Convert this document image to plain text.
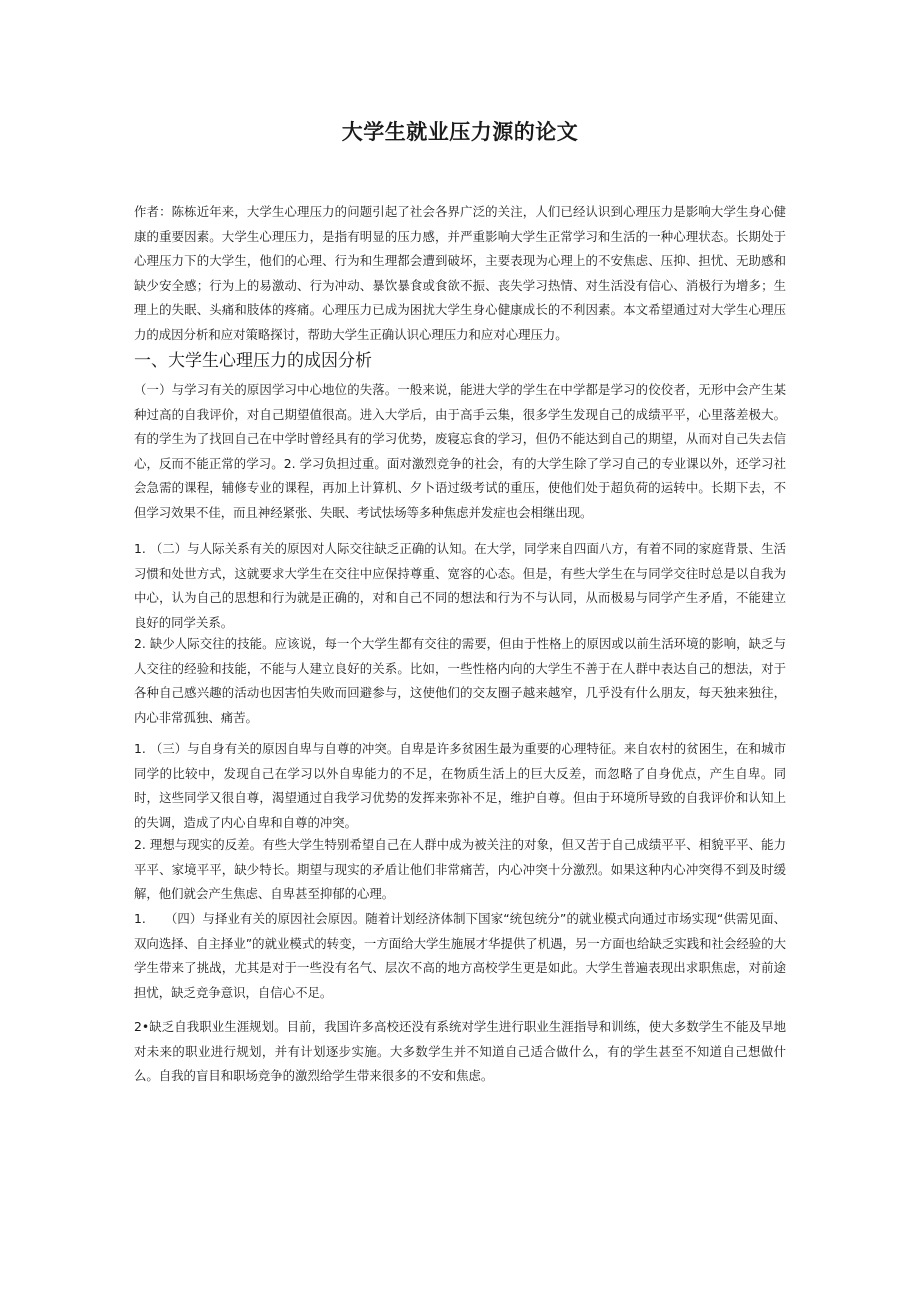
大学生就业压力源的论文
作者：陈栋近年来，大学生心理压力的问题引起了社会各界广泛的关注，人们已经认识到心理压力是影响大学生身心健康的重要因素。大学生心理压力，是指有明显的压力感，并严重影响大学生正常学习和生活的一种心理状态。长期处于心理压力下的大学生，他们的心理、行为和生理都会遭到破坏，主要表现为心理上的不安焦虑、压抑、担忧、无助感和缺少安全感；行为上的易激动、行为冲动、暴饮暴食或食欲不振、丧失学习热情、对生活没有信心、消极行为增多；生理上的失眠、头痛和肢体的疼痛。心理压力已成为困扰大学生身心健康成长的不利因素。本文希望通过对大学生心理压力的成因分析和应对策略探讨，帮助大学生正确认识心理压力和应对心理压力。
一、大学生心理压力的成因分析
（一）与学习有关的原因学习中心地位的失落。一般来说，能进大学的学生在中学都是学习的佼佼者，无形中会产生某种过高的自我评价，对自己期望值很高。进入大学后，由于高手云集，很多学生发现自己的成绩平平，心里落差极大。有的学生为了找回自己在中学时曾经具有的学习优势，废寝忘食的学习，但仍不能达到自己的期望，从而对自己失去信心，反而不能正常的学习。2. 学习负担过重。面对激烈竞争的社会，有的大学生除了学习自己的专业课以外，还学习社会急需的课程，辅修专业的课程，再加上计算机、夕卜语过级考试的重压，使他们处于超负荷的运转中。长期下去，不但学习效果不佳，而且神经紧张、失眠、考试怯场等多种焦虑并发症也会相继出现。
1. （二）与人际关系有关的原因对人际交往缺乏正确的认知。在大学，同学来自四面八方，有着不同的家庭背景、生活习惯和处世方式，这就要求大学生在交往中应保持尊重、宽容的心态。但是，有些大学生在与同学交往时总是以自我为中心，认为自己的思想和行为就是正确的，对和自己不同的想法和行为不与认同，从而极易与同学产生矛盾，不能建立良好的同学关系。
2. 缺少人际交往的技能。应该说，每一个大学生都有交往的需要，但由于性格上的原因或以前生活环境的影响，缺乏与人交往的经验和技能，不能与人建立良好的关系。比如，一些性格内向的大学生不善于在人群中表达自己的想法，对于各种自己感兴趣的活动也因害怕失败而回避参与，这使他们的交友圈子越来越窄，几乎没有什么朋友，每天独来独往，内心非常孤独、痛苦。
1. （三）与自身有关的原因自卑与自尊的冲突。自卑是许多贫困生最为重要的心理特征。来自农村的贫困生，在和城市同学的比较中，发现自己在学习以外自卑能力的不足，在物质生活上的巨大反差，而忽略了自身优点，产生自卑。同时，这些同学又很自尊，渴望通过自我学习优势的发挥来弥补不足，维护自尊。但由于环境所导致的自我评价和认知上的失调，造成了内心自卑和自尊的冲突。
2. 理想与现实的反差。有些大学生特别希望自己在人群中成为被关注的对象，但又苦于自己成绩平平、相貌平平、能力平平、家境平平，缺少特长。期望与现实的矛盾让他们非常痛苦，内心冲突十分激烈。如果这种内心冲突得不到及时缓解，他们就会产生焦虑、自卑甚至抑郁的心理。
1.　　（四）与择业有关的原因社会原因。随着计划经济体制下国家“统包统分”的就业模式向通过市场实现“供需见面、双向选择、自主择业”的就业模式的转变，一方面给大学生施展才华提供了机遇，另一方面也给缺乏实践和社会经验的大学生带来了挑战，尤其是对于一些没有名气、层次不高的地方高校学生更是如此。大学生普遍表现出求职焦虑，对前途担忧，缺乏竞争意识，自信心不足。
2•缺乏自我职业生涯规划。目前，我国许多高校还没有系统对学生进行职业生涯指导和训练，使大多数学生不能及早地对未来的职业进行规划，并有计划逐步实施。大多数学生并不知道自己适合做什么，有的学生甚至不知道自己想做什么。自我的盲目和职场竞争的激烈给学生带来很多的不安和焦虑。
